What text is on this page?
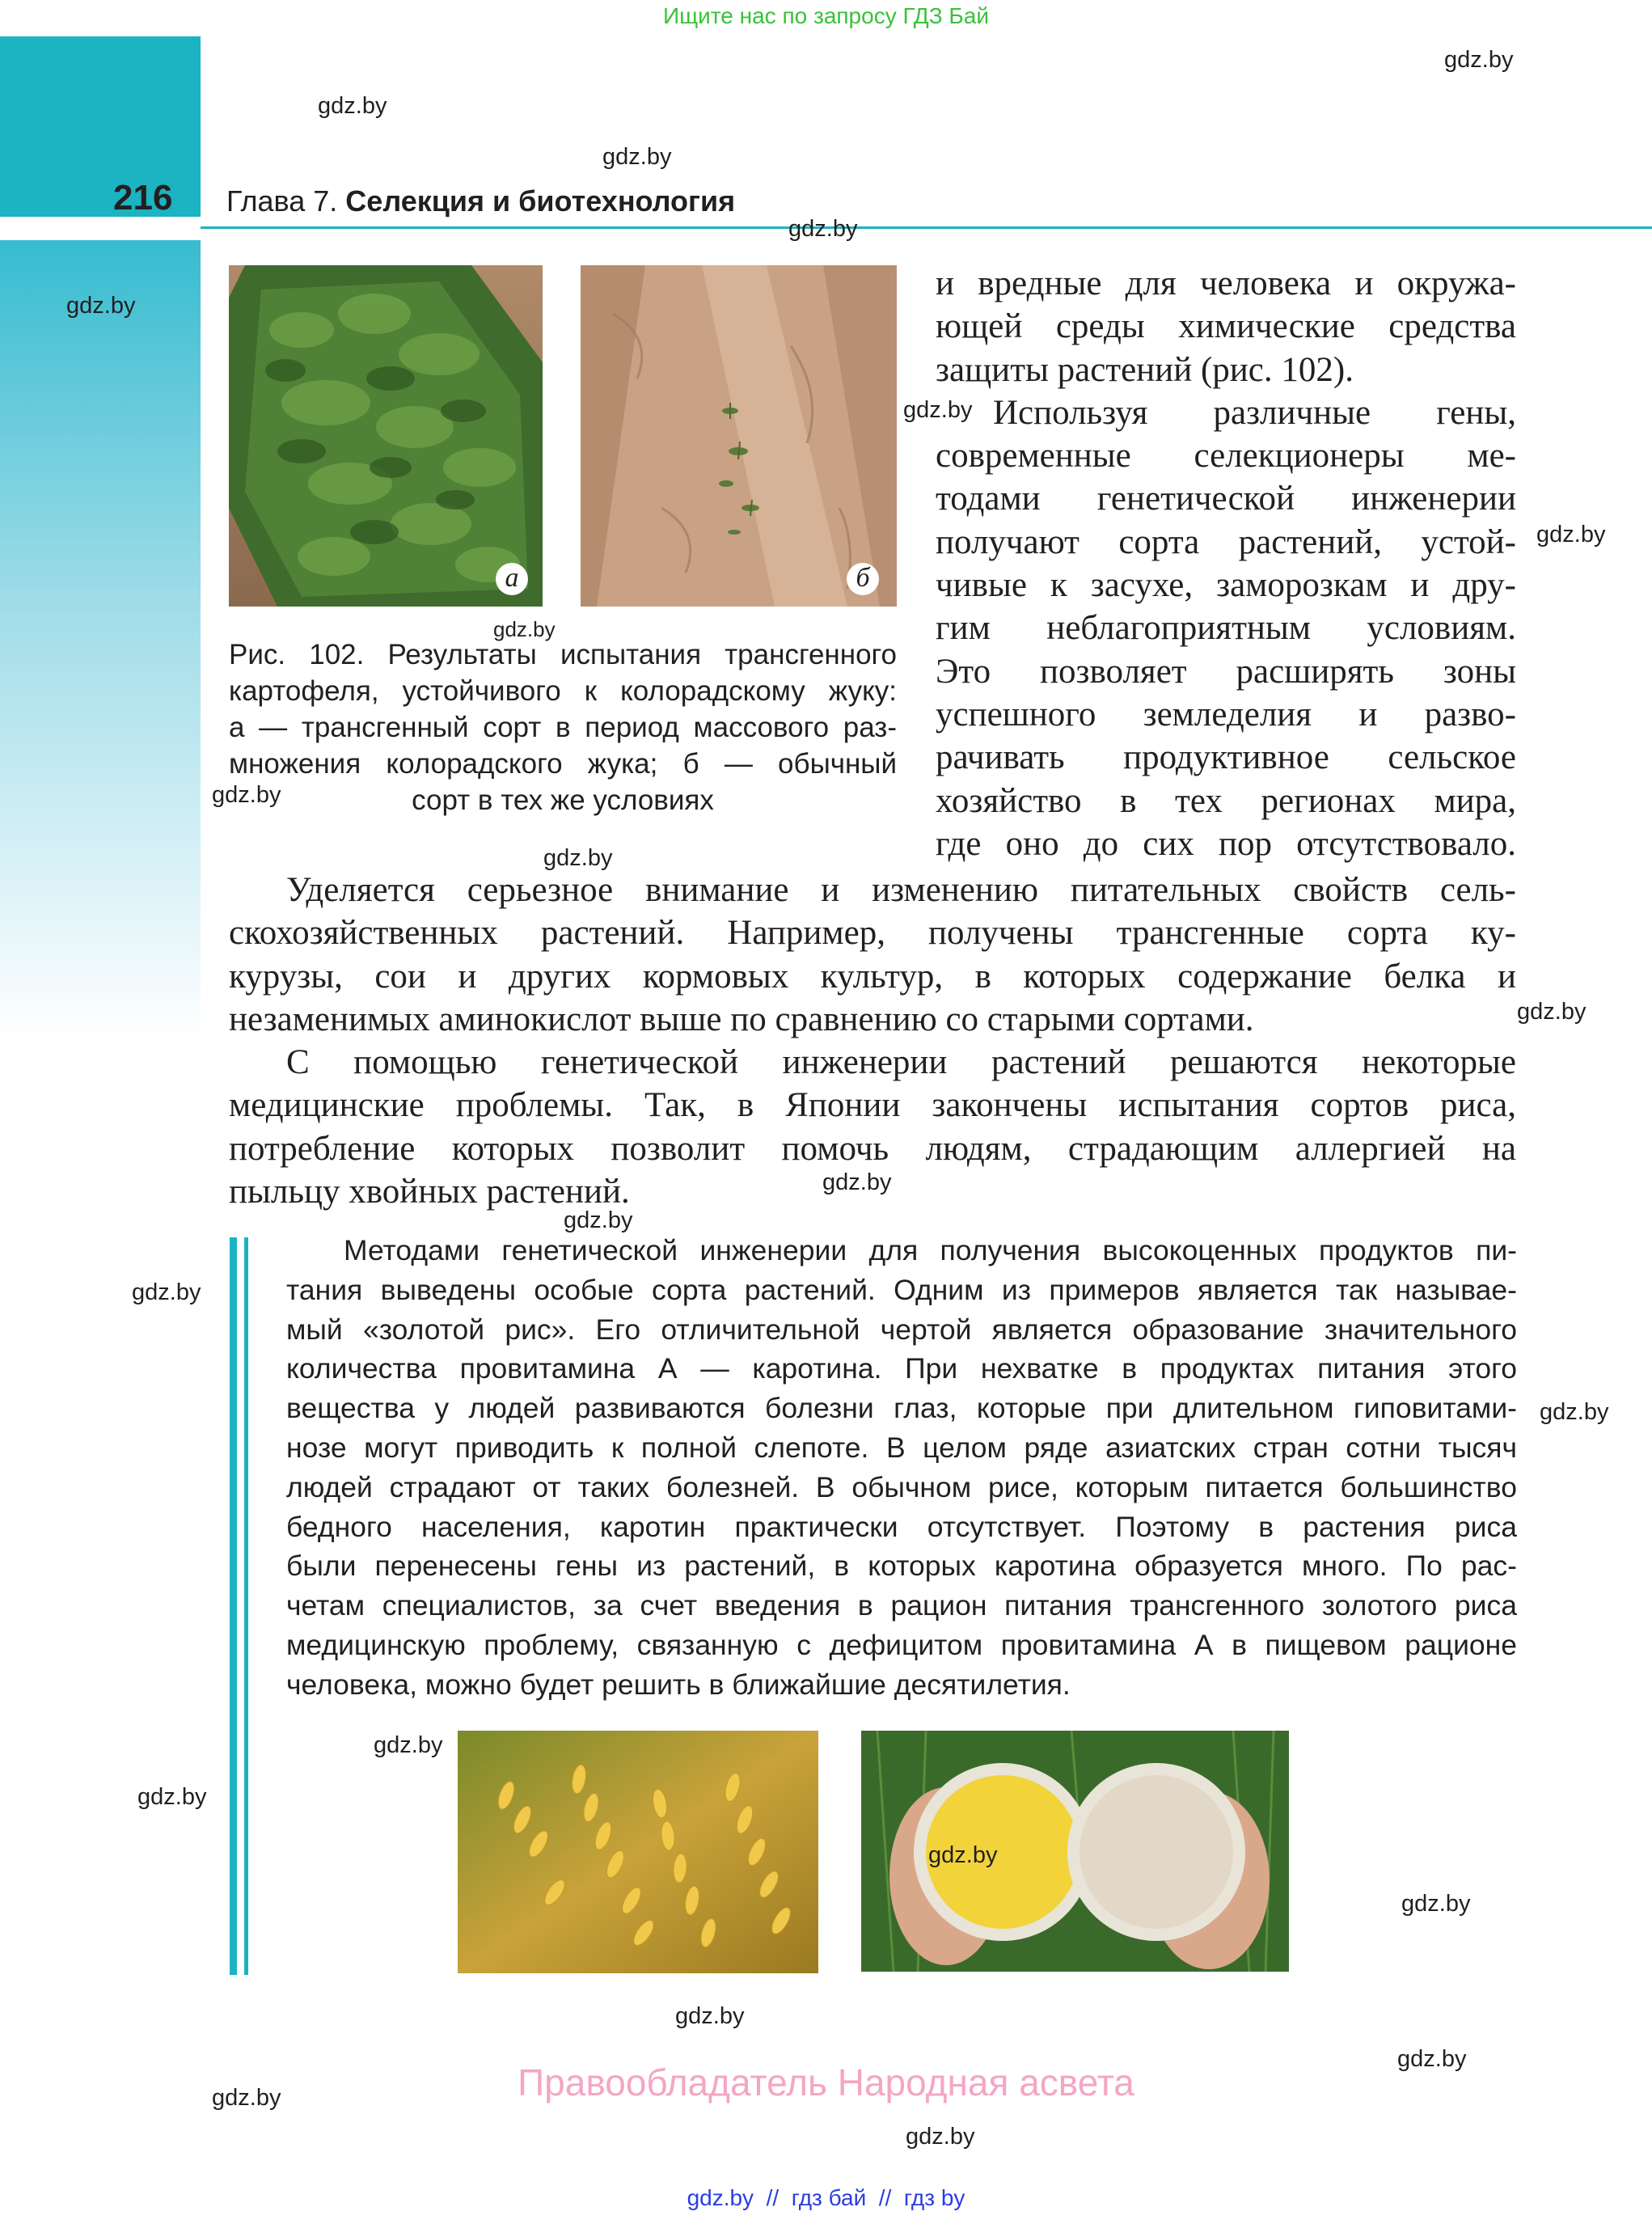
Ищите нас по запросу ГДЗ Бай
216 Глава 7. Селекция и биотехнология
а	б
Рис. 102. Результаты испытания трансгенного
картофеля, устойчивого к колорадскому жуку:
а — трансгенный сорт в период массового раз-
множения колорадского жука; б — обычный
сорт в тех же условиях
и вредные для человека и окружа-
ющей среды химические средства
защиты растений (рис. 102).
Используя различные гены,
современные селекционеры ме-
тодами генетической инженерии
получают сорта растений, устой-
чивые к засухе, заморозкам и дру-
гим неблагоприятным условиям.
Это позволяет расширять зоны
успешного земледелия и разво-
рачивать продуктивное сельское
хозяйство в тех регионах мира,
где оно до сих пор отсутствовало.
Уделяется серьезное внимание и изменению питательных свойств сель-
скохозяйственных растений. Например, получены трансгенные сорта ку-
курузы, сои и других кормовых культур, в которых содержание белка и
незаменимых аминокислот выше по сравнению со старыми сортами.
С помощью генетической инженерии растений решаются некоторые
медицинские проблемы. Так, в Японии закончены испытания сортов риса,
потребление которых позволит помочь людям, страдающим аллергией на
пыльцу хвойных растений.
Методами генетической инженерии для получения высокоценных продуктов пи-
тания выведены особые сорта растений. Одним из примеров является так называе-
мый «золотой рис». Его отличительной чертой является образование значительного
количества провитамина А — каротина. При нехватке в продуктах питания этого
вещества у людей развиваются болезни глаз, которые при длительном гиповитами-
нозе могут приводить к полной слепоте. В целом ряде азиатских стран сотни тысяч
людей страдают от таких болезней. В обычном рисе, которым питается большинство
бедного населения, каротин практически отсутствует. Поэтому в растения риса
были перенесены гены из растений, в которых каротина образуется много. По рас-
четам специалистов, за счет введения в рацион питания трансгенного золотого риса
медицинскую проблему, связанную с дефицитом провитамина А в пищевом рационе
человека, можно будет решить в ближайшие десятилетия.
gdz.by
gdz.by
gdz.by
gdz.by
gdz.by
gdz.by
gdz.by
gdz.by
gdz.by
gdz.by
gdz.by
gdz.by
gdz.by
gdz.by
gdz.by
gdz.by
gdz.by
gdz.by
gdz.by
gdz.by
gdz.by
gdz.by
gdz.by
Правообладатель Народная асвета
gdz.by  //  гдз бай  //  гдз by
